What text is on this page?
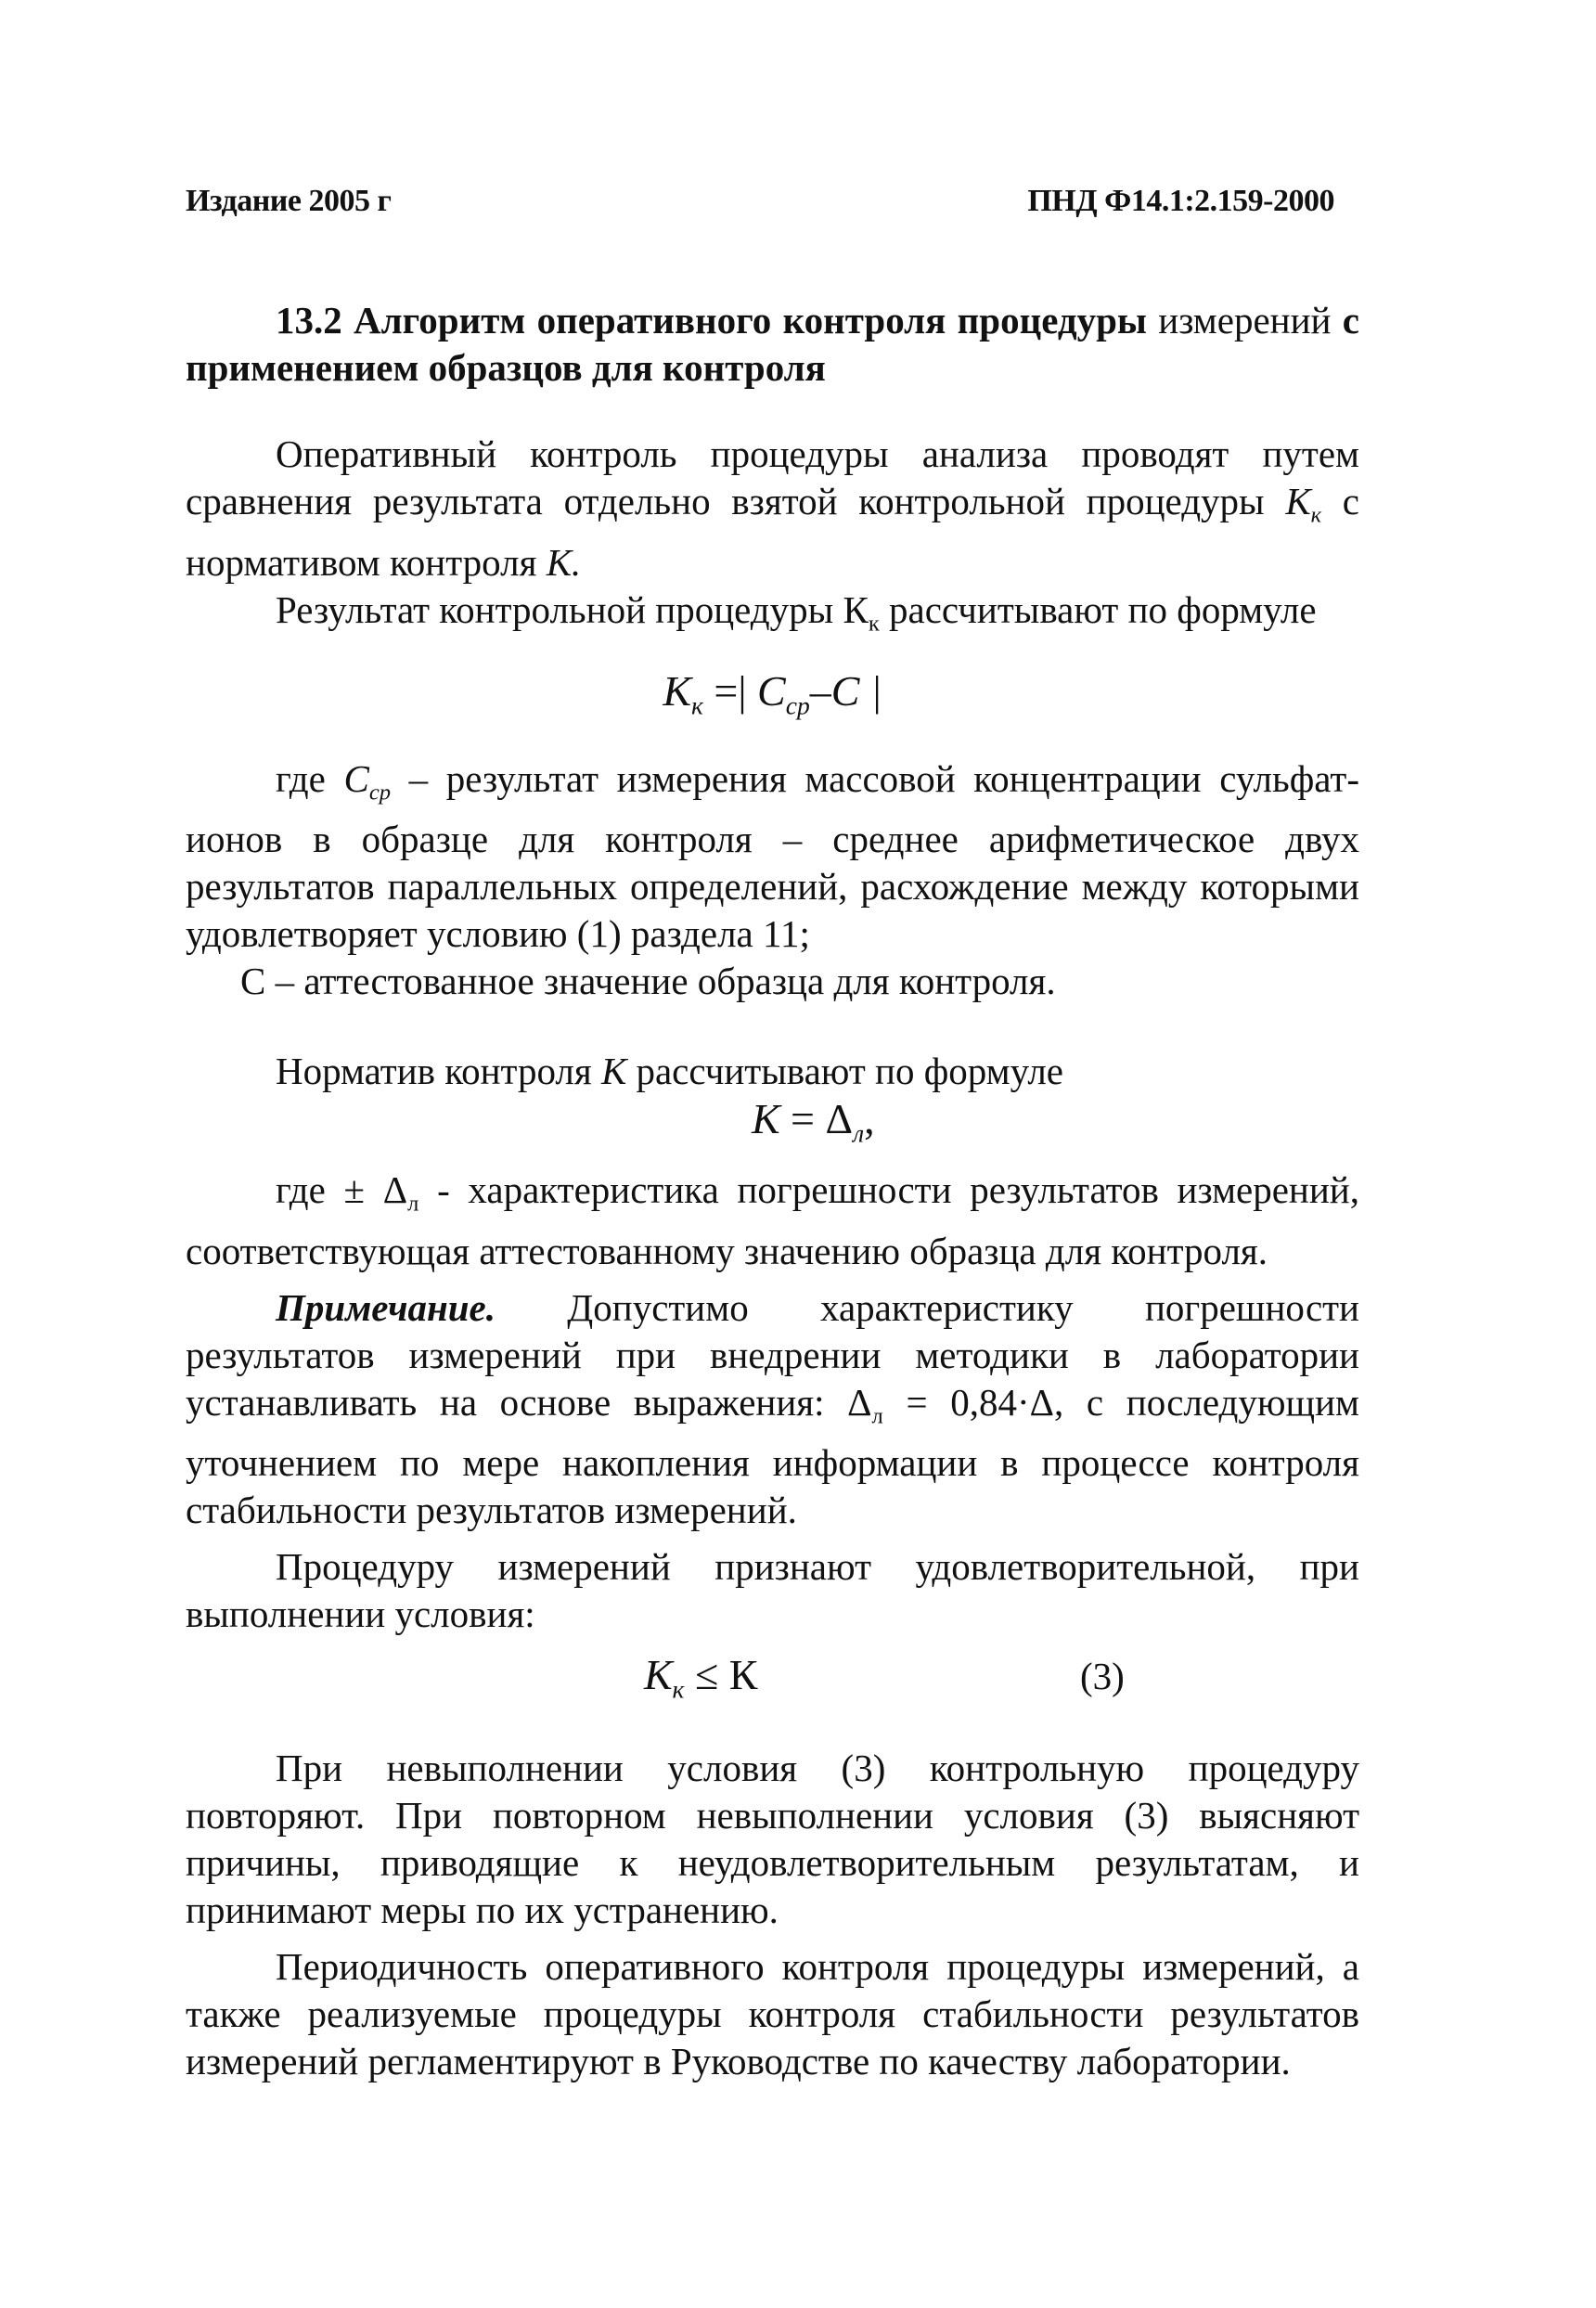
Издание 2005 г	ПНД Ф14.1:2.159-2000

13.2 Алгоритм оперативного контроля процедуры измерений с применением образцов для контроля

Оперативный контроль процедуры анализа проводят путем сравнения результата отдельно взятой контрольной процедуры $К_к$ с нормативом контроля К.

Результат контрольной процедуры $К_к$ рассчитывают по формуле

$К_к$ =| $С_{ср}-С$ |

где $С_{ср}$ – результат измерения массовой концентрации сульфат-ионов в образце для контроля – среднее арифметическое двух результатов параллельных определений, расхождение между которыми удовлетворяет условию (1) раздела 11;

С – аттестованное значение образца для контроля.

Норматив контроля К рассчитывают по формуле

$К = \Delta_л$,

где ± $\Delta_л$ - характеристика погрешности результатов измерений, соответствующая аттестованному значению образца для контроля.

Примечание. Допустимо характеристику погрешности результатов измерений при внедрении методики в лаборатории устанавливать на основе выражения: $\Delta_л = 0,84\cdot\Delta$, с последующим уточнением по мере накопления информации в процессе контроля стабильности результатов измерений.

Процедуру измерений признают удовлетворительной, при выполнении условия:

$К_к \le К$	(3)

При невыполнении условия (3) контрольную процедуру повторяют. При повторном невыполнении условия (3) выясняют причины, приводящие к неудовлетворительным результатам, и принимают меры по их устранению.

Периодичность оперативного контроля процедуры измерений, а также реализуемые процедуры контроля стабильности результатов измерений регламентируют в Руководстве по качеству лаборатории.
